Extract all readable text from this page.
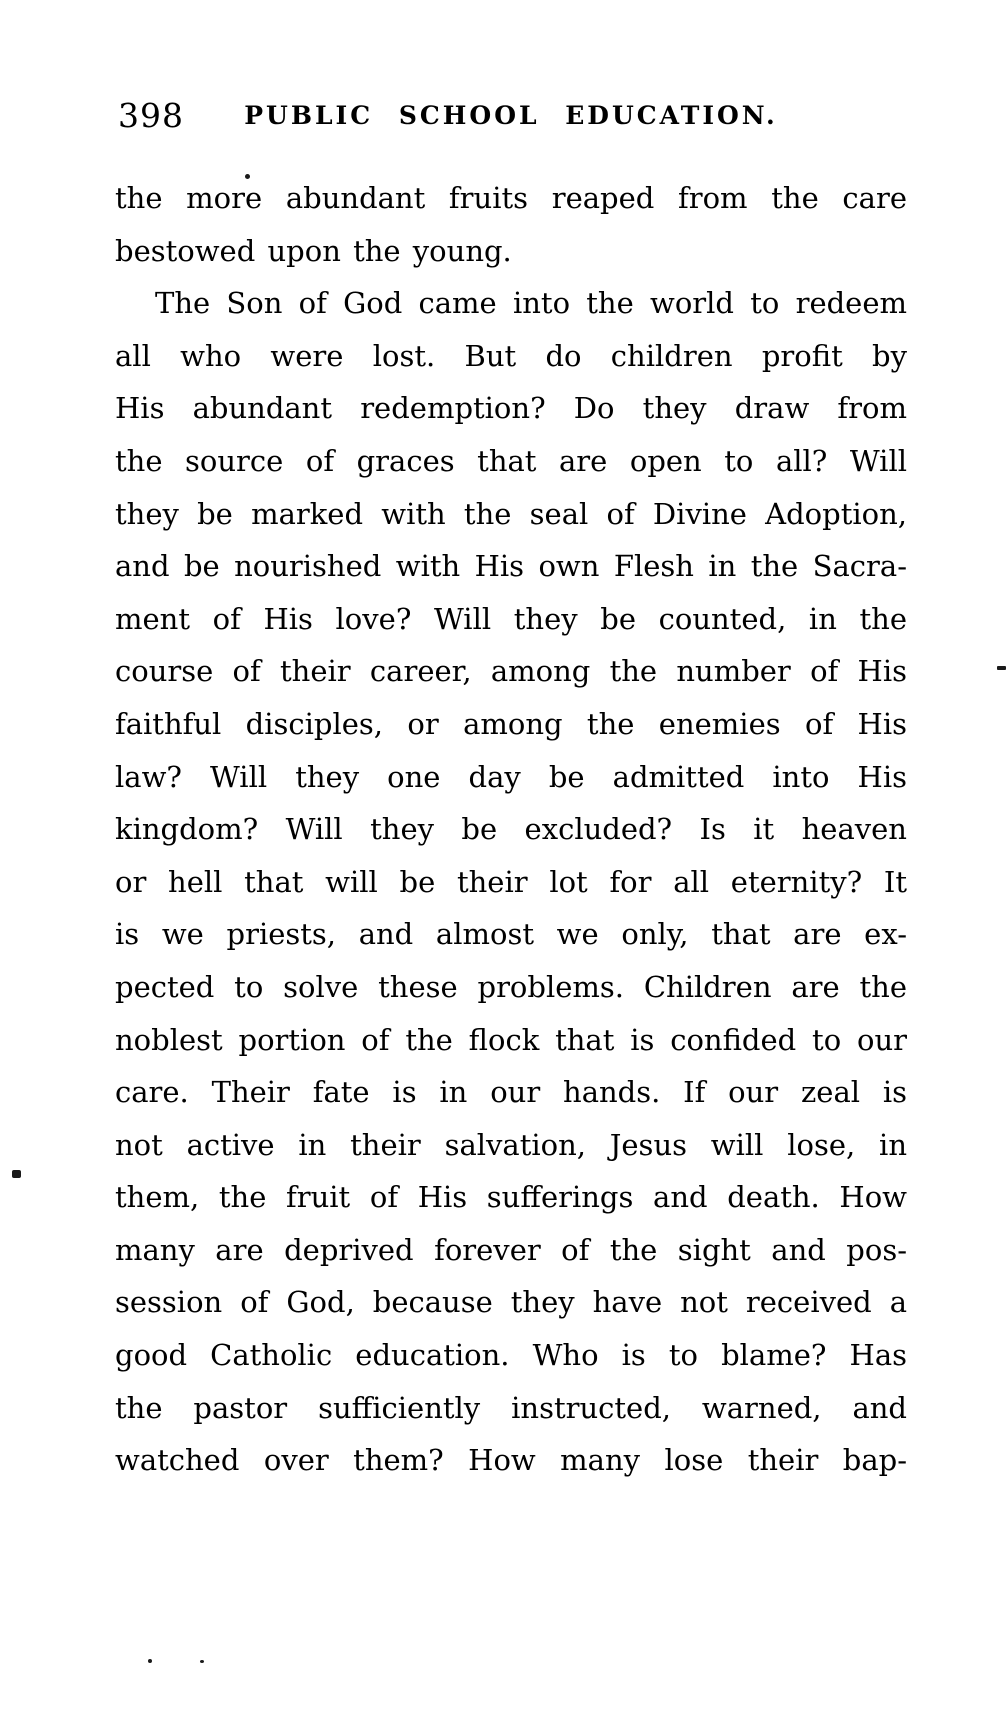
398	PUBLIC SCHOOL EDUCATION.
the more abundant fruits reaped from the care
bestowed upon the young.
The Son of God came into the world to redeem
all who were lost. But do children profit by
His abundant redemption? Do they draw from
the source of graces that are open to all? Will
they be marked with the seal of Divine Adoption,
and be nourished with His own Flesh in the Sacra-
ment of His love? Will they be counted, in the
course of their career, among the number of His
faithful disciples, or among the enemies of His
law? Will they one day be admitted into His
kingdom? Will they be excluded? Is it heaven
or hell that will be their lot for all eternity? It
is we priests, and almost we only, that are ex-
pected to solve these problems. Children are the
noblest portion of the flock that is confided to our
care. Their fate is in our hands. If our zeal is
not active in their salvation, Jesus will lose, in
them, the fruit of His sufferings and death. How
many are deprived forever of the sight and pos-
session of God, because they have not received a
good Catholic education. Who is to blame? Has
the pastor sufficiently instructed, warned, and
watched over them? How many lose their bap-
